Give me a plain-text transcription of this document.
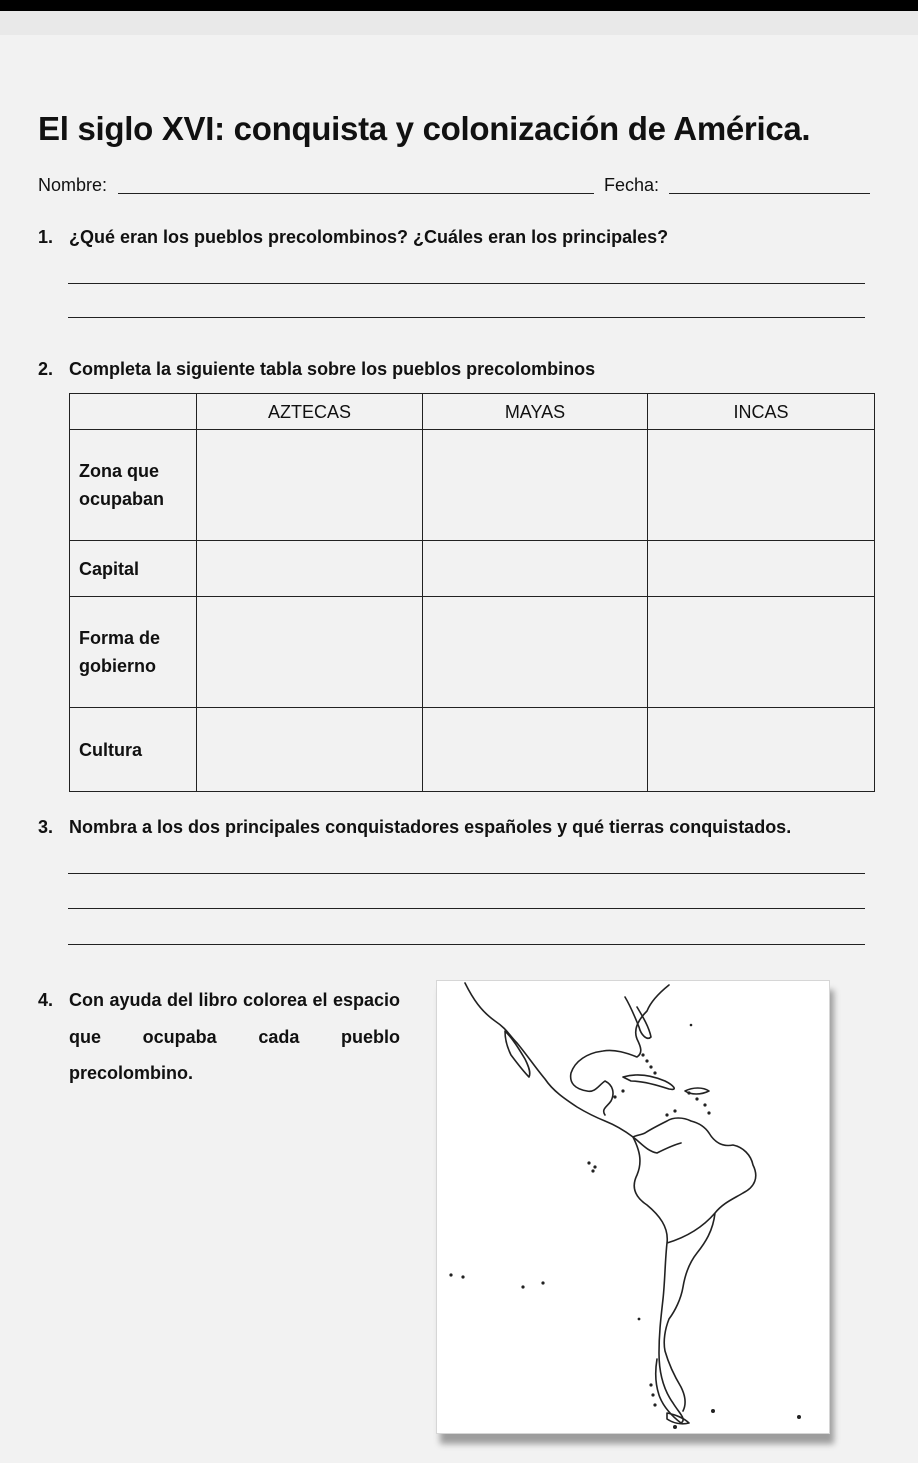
El siglo XVI: conquista y colonización de América.
Nombre:	Fecha:
1. ¿Qué eran los pueblos precolombinos? ¿Cuáles eran los principales?
2. Completa la siguiente tabla sobre los pueblos precolombinos
	AZTECAS	MAYAS	INCAS
Zona que ocupaban			
Capital			
Forma de gobierno			
Cultura			
3. Nombra a los dos principales conquistadores españoles y qué tierras conquistados.
4. Con ayuda del libro colorea el espacio que ocupaba cada pueblo precolombino.
